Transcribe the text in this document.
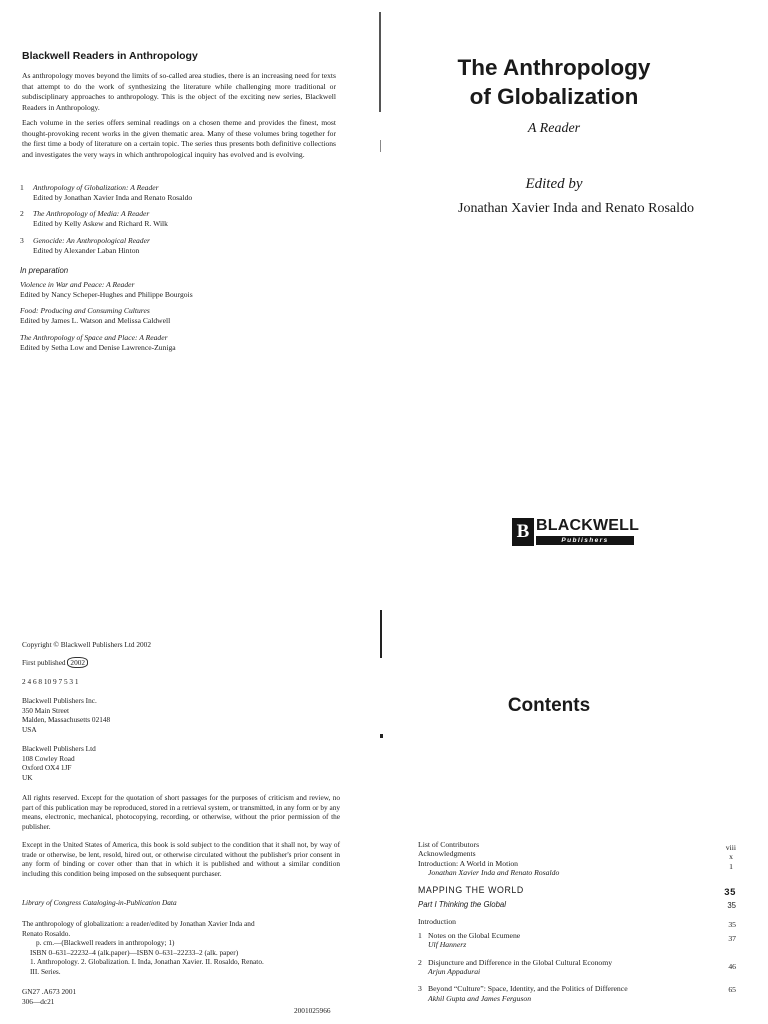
Blackwell Readers in Anthropology
As anthropology moves beyond the limits of so-called area studies, there is an increasing need for texts that attempt to do the work of synthesizing the literature while challenging more traditional or subdisciplinary approaches to anthropology. This is the object of the exciting new series, Blackwell Readers in Anthropology.
Each volume in the series offers seminal readings on a chosen theme and provides the finest, most thought-provoking recent works in the given thematic area. Many of these volumes bring together for the first time a body of literature on a certain topic. The series thus presents both definitive collections and investigates the very ways in which anthropological inquiry has evolved and is evolving.
1	Anthropology of Globalization: A Reader
Edited by Jonathan Xavier Inda and Renato Rosaldo
2	The Anthropology of Media: A Reader
Edited by Kelly Askew and Richard R. Wilk
3	Genocide: An Anthropological Reader
Edited by Alexander Laban Hinton
In preparation
Violence in War and Peace: A Reader
Edited by Nancy Scheper-Hughes and Philippe Bourgois
Food: Producing and Consuming Cultures
Edited by James L. Watson and Melissa Caldwell
The Anthropology of Space and Place: A Reader
Edited by Setha Low and Denise Lawrence-Zuniga
The Anthropology
of Globalization
A Reader
Edited by
Jonathan Xavier Inda and Renato Rosaldo
B BLACKWELL
Publishers
Copyright © Blackwell Publishers Ltd 2002
First published 2002
2 4 6 8 10 9 7 5 3 1
Blackwell Publishers Inc.
350 Main Street
Malden, Massachusetts 02148
USA
Blackwell Publishers Ltd
108 Cowley Road
Oxford OX4 1JF
UK
All rights reserved. Except for the quotation of short passages for the purposes of criticism and review, no part of this publication may be reproduced, stored in a retrieval system, or transmitted, in any form or by any means, electronic, mechanical, photocopying, recording, or otherwise, without the prior permission of the publisher.
Except in the United States of America, this book is sold subject to the condition that it shall not, by way of trade or otherwise, be lent, resold, hired out, or otherwise circulated without the publisher's prior consent in any form of binding or cover other than that in which it is published and without a similar condition including this condition being imposed on the subsequent purchaser.
Library of Congress Cataloging-in-Publication Data
The anthropology of globalization: a reader/edited by Jonathan Xavier Inda and
Renato Rosaldo.
p. cm.—(Blackwell readers in anthropology; 1)
ISBN 0–631–22232–4 (alk.paper)—ISBN 0–631–22233–2 (alk. paper)
1. Anthropology. 2. Globalization. I. Inda, Jonathan Xavier. II. Rosaldo, Renato.
III. Series.
GN27 .A673 2001
306—dc21
2001025966
Contents
List of Contributors	viii
Acknowledgments	x
Introduction: A World in Motion	1
Jonathan Xavier Inda and Renato Rosaldo
MAPPING THE WORLD	35
Part I Thinking the Global	35
Introduction	35
1 Notes on the Global Ecumene	37
Ulf Hannerz
2 Disjuncture and Difference in the Global Cultural Economy	46
Arjun Appadurai
3 Beyond “Culture”: Space, Identity, and the Politics of Difference	65
Akhil Gupta and James Ferguson
